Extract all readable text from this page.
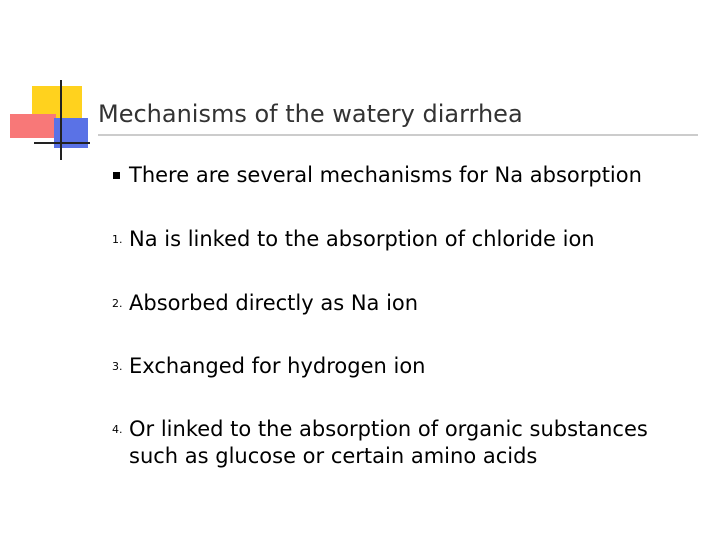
Mechanisms of the watery diarrhea
There are several mechanisms for Na absorption
1. Na is linked to the absorption of chloride ion
2. Absorbed directly as Na ion
3. Exchanged for hydrogen ion
4. Or linked to the absorption of organic substances such as glucose or certain amino acids
